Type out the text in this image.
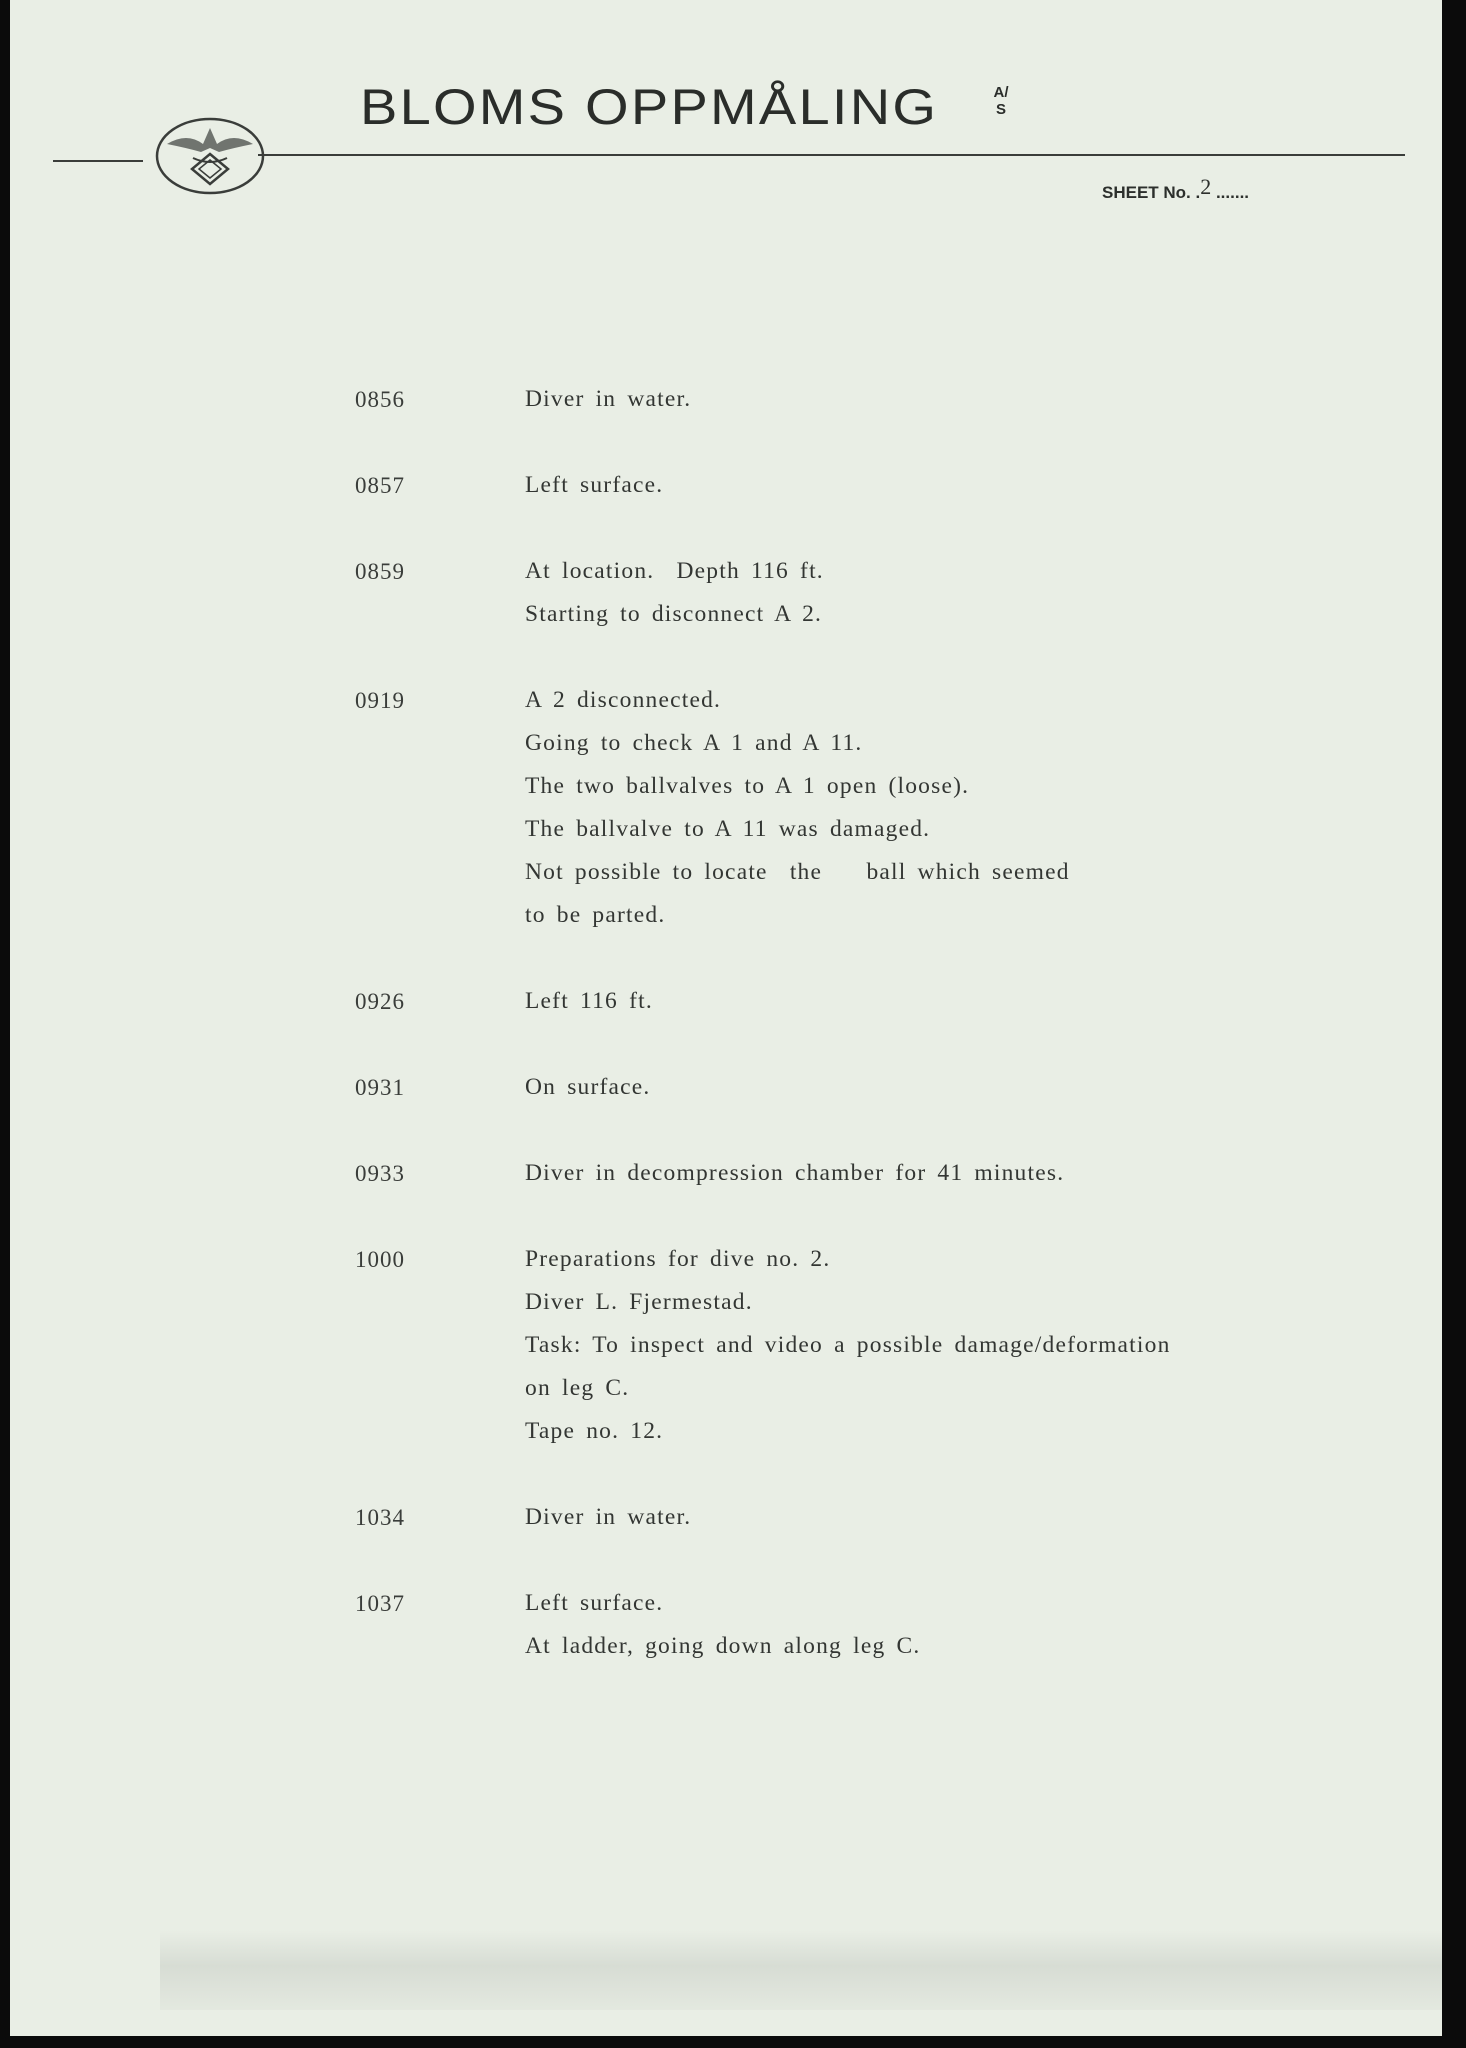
BLOMS OPPMÅLING	A/S
SHEET No. .2 .......
0856	Diver in water.
0857	Left surface.
0859	At location.  Depth 116 ft.
Starting to disconnect A 2.
0919	A 2 disconnected.
Going to check A 1 and A 11.
The two ballvalves to A 1 open (loose).
The ballvalve to A 11 was damaged.
Not possible to locate  the    ball which seemed
to be parted.
0926	Left 116 ft.
0931	On surface.
0933	Diver in decompression chamber for 41 minutes.
1000	Preparations for dive no. 2.
Diver L. Fjermestad.
Task: To inspect and video a possible damage/deformation
on leg C.
Tape no. 12.
1034	Diver in water.
1037	Left surface.
At ladder, going down along leg C.
